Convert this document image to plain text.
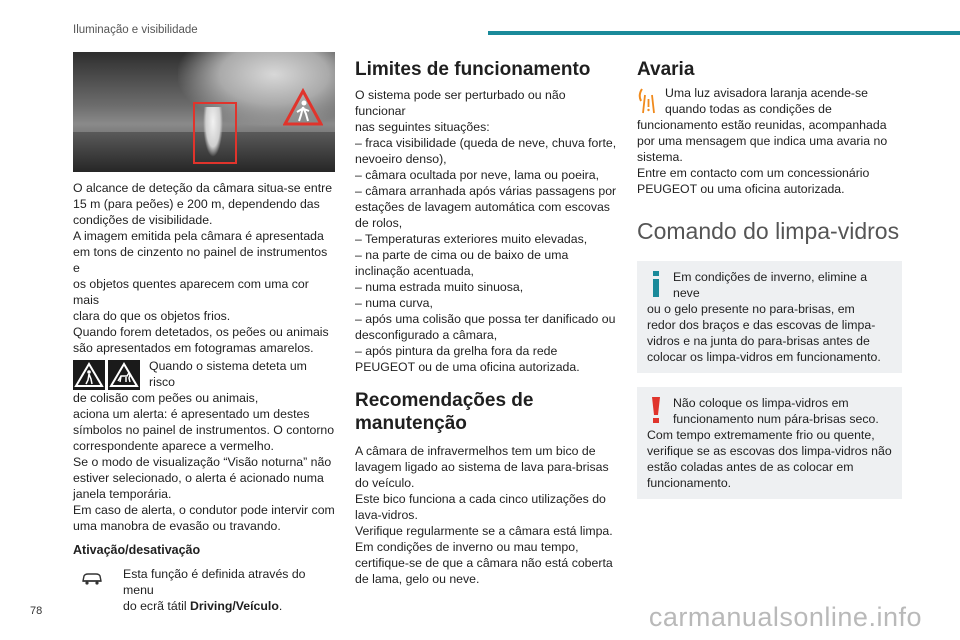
Iluminação e visibilidade

O alcance de deteção da câmara situa-se entre

15 m (para peões) e 200 m, dependendo das

condições de visibilidade.

A imagem emitida pela câmara é apresentada

em tons de cinzento no painel de instrumentos e

os objetos quentes aparecem com uma cor mais

clara do que os objetos frios.

Quando forem detetados, os peões ou animais

são apresentados em fotogramas amarelos.

Quando o sistema deteta um risco

de colisão com peões ou animais,

aciona um alerta: é apresentado um destes

símbolos no painel de instrumentos. O contorno

correspondente aparece a vermelho.

Se o modo de visualização “Visão noturna” não

estiver selecionado, o alerta é acionado numa

janela temporária.

Em caso de alerta, o condutor pode intervir com

uma manobra de evasão ou travando.

Ativação/desativação

Esta função é definida através do menu

do ecrã tátil Driving/Veículo.

Limites de funcionamento

O sistema pode ser perturbado ou não funcionar

nas seguintes situações:

– fraca visibilidade (queda de neve, chuva forte,

nevoeiro denso),

– câmara ocultada por neve, lama ou poeira,

– câmara arranhada após várias passagens por

estações de lavagem automática com escovas

de rolos,

– Temperaturas exteriores muito elevadas,

– na parte de cima ou de baixo de uma

inclinação acentuada,

– numa estrada muito sinuosa,

– numa curva,

– após uma colisão que possa ter danificado ou

desconfigurado a câmara,

– após pintura da grelha fora da rede

PEUGEOT ou de uma oficina autorizada.

Recomendações de
manutenção

A câmara de infravermelhos tem um bico de

lavagem ligado ao sistema de lava para-brisas

do veículo.

Este bico funciona a cada cinco utilizações do

lava-vidros.

Verifique regularmente se a câmara está limpa.

Em condições de inverno ou mau tempo,

certifique-se de que a câmara não está coberta

de lama, gelo ou neve.

Avaria

Uma luz avisadora laranja acende-se

quando todas as condições de

funcionamento estão reunidas, acompanhada

por uma mensagem que indica uma avaria no

sistema.

Entre em contacto com um concessionário

PEUGEOT ou uma oficina autorizada.

Comando do limpa-vidros

Em condições de inverno, elimine a neve

ou o gelo presente no para-brisas, em

redor dos braços e das escovas de limpa-

vidros e na junta do para-brisas antes de

colocar os limpa-vidros em funcionamento.

Não coloque os limpa-vidros em

funcionamento num pára-brisas seco.

Com tempo extremamente frio ou quente,

verifique se as escovas dos limpa-vidros não

estão coladas antes de as colocar em

funcionamento.

78	carmanualsonline.info
